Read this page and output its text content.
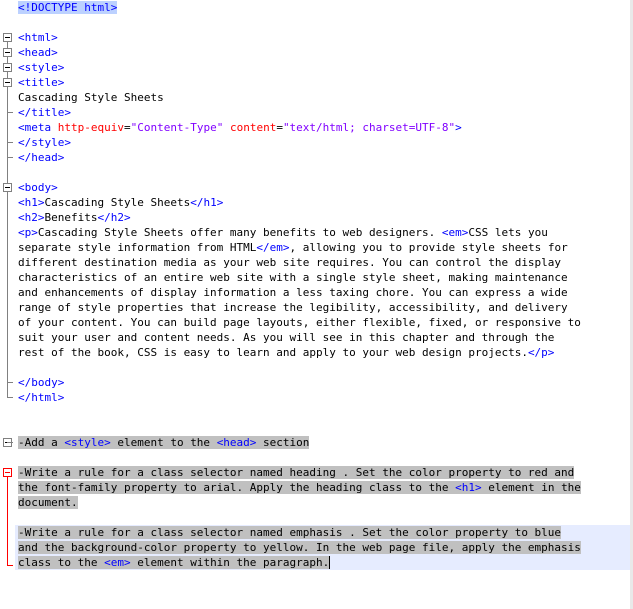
<!DOCTYPE html>
<html>
<head>
<style>
<title>
Cascading Style Sheets
</title>
<meta http-equiv="Content-Type" content="text/html; charset=UTF-8">
</style>
</head>
<body>
<h1>Cascading Style Sheets</h1>
<h2>Benefits</h2>
<p>Cascading Style Sheets offer many benefits to web designers. <em>CSS lets you
separate style information from HTML</em>, allowing you to provide style sheets for
different destination media as your web site requires. You can control the display
characteristics of an entire web site with a single style sheet, making maintenance
and enhancements of display information a less taxing chore. You can express a wide
range of style properties that increase the legibility, accessibility, and delivery
of your content. You can build page layouts, either flexible, fixed, or responsive to
suit your user and content needs. As you will see in this chapter and through the
rest of the book, CSS is easy to learn and apply to your web design projects.</p>
</body>
</html>
-Add a <style> element to the <head> section
-Write a rule for a class selector named heading . Set the color property to red and
the font-family property to arial. Apply the heading class to the <h1> element in the
document.
-Write a rule for a class selector named emphasis . Set the color property to blue
and the background-color property to yellow. In the web page file, apply the emphasis
class to the <em> element within the paragraph.
